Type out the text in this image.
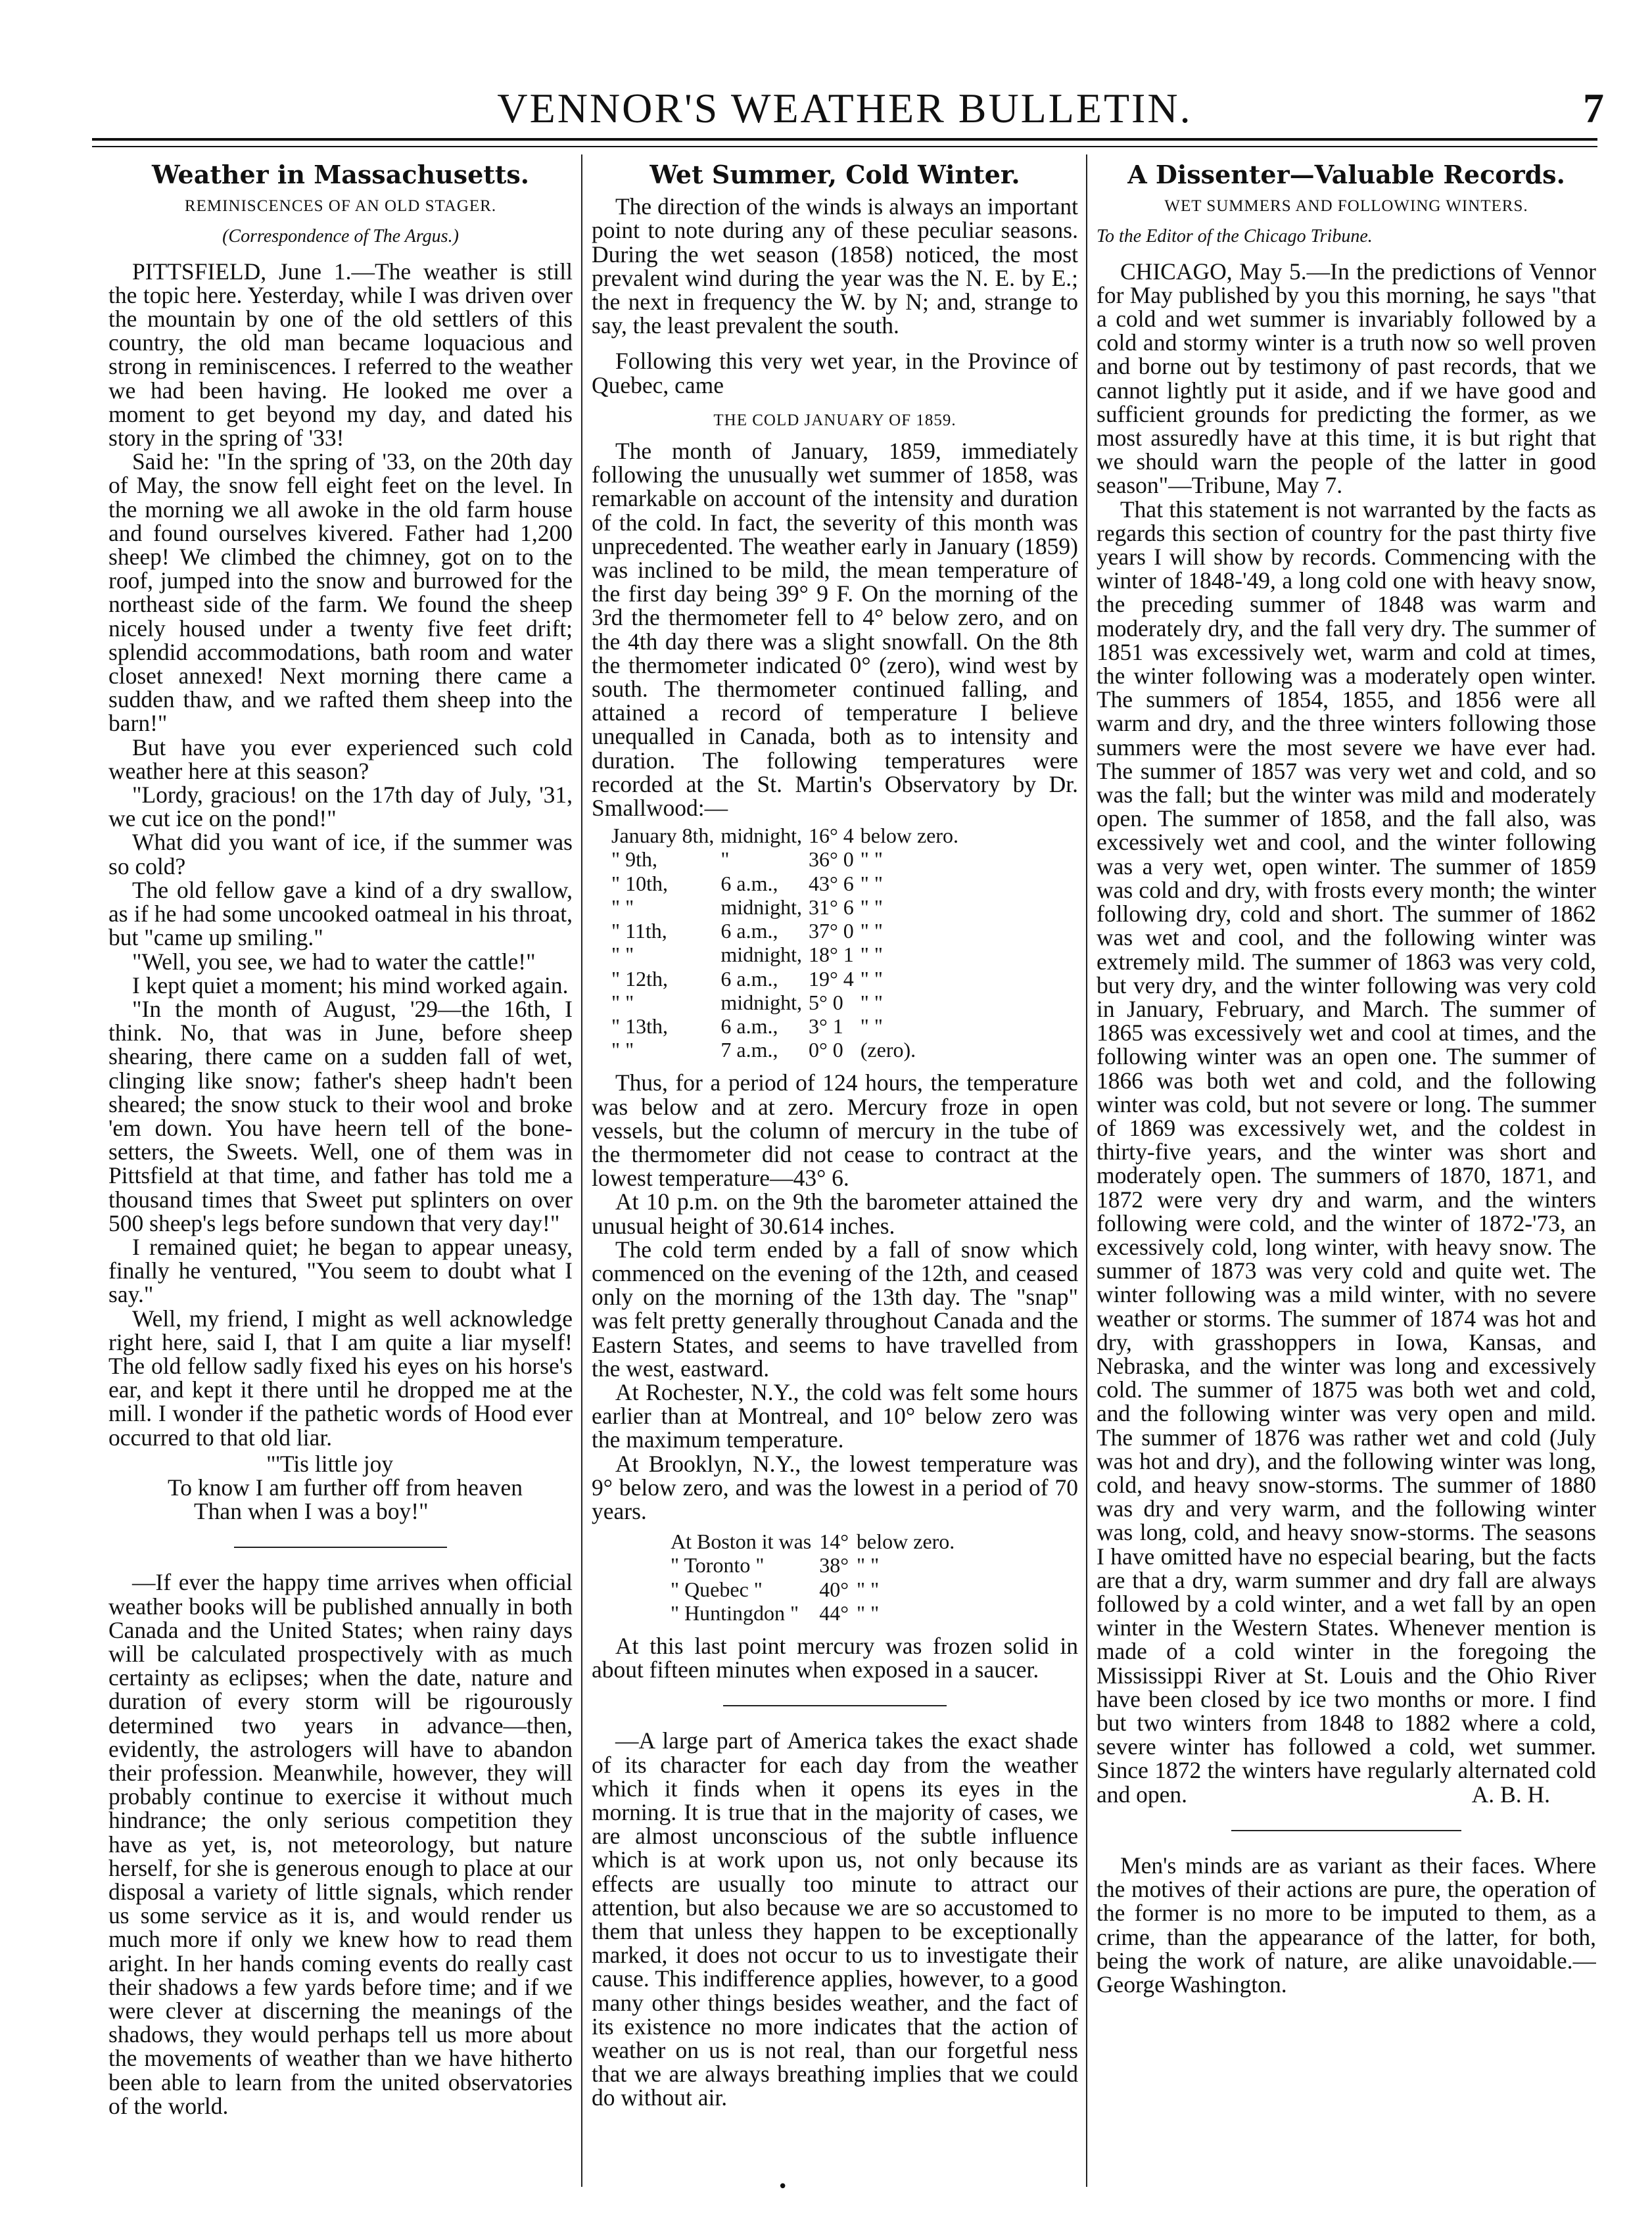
VENNOR'S WEATHER BULLETIN.	7
Weather in Massachusetts.
REMINISCENCES OF AN OLD STAGER.
(Correspondence of The Argus.)

PITTSFIELD, June 1.—The weather is still the topic here. Yesterday, while I was driven over the mountain by one of the old settlers of this country, the old man became loquacious and strong in reminiscences. I referred to the weather we had been having. He looked me over a moment to get beyond my day, and dated his story in the spring of '33!

Said he: "In the spring of '33, on the 20th day of May, the snow fell eight feet on the level. In the morning we all awoke in the old farm house and found ourselves kivered. Father had 1,200 sheep! We climbed the chimney, got on to the roof, jumped into the snow and burrowed for the northeast side of the farm. We found the sheep nicely housed under a twenty five feet drift; splendid accommodations, bath room and water closet annexed! Next morning there came a sudden thaw, and we rafted them sheep into the barn!"

But have you ever experienced such cold weather here at this season?

"Lordy, gracious! on the 17th day of July, '31, we cut ice on the pond!"

What did you want of ice, if the summer was so cold?

The old fellow gave a kind of a dry swallow, as if he had some uncooked oatmeal in his throat, but "came up smiling."

"Well, you see, we had to water the cattle!"

I kept quiet a moment; his mind worked again.

"In the month of August, '29—the 16th, I think. No, that was in June, before sheep shearing, there came on a sudden fall of wet, clinging like snow; father's sheep hadn't been sheared; the snow stuck to their wool and broke 'em down. You have heern tell of the bone-setters, the Sweets. Well, one of them was in Pittsfield at that time, and father has told me a thousand times that Sweet put splinters on over 500 sheep's legs before sundown that very day!"

I remained quiet; he began to appear uneasy, finally he ventured, "You seem to doubt what I say."

Well, my friend, I might as well acknowledge right here, said I, that I am quite a liar myself! The old fellow sadly fixed his eyes on his horse's ear, and kept it there until he dropped me at the mill. I wonder if the pathetic words of Hood ever occurred to that old liar.

"'Tis little joy
To know I am further off from heaven
Than when I was a boy!"

—If ever the happy time arrives when official weather books will be published annually in both Canada and the United States; when rainy days will be calculated prospectively with as much certainty as eclipses; when the date, nature and duration of every storm will be rigourously determined two years in advance—then, evidently, the astrologers will have to abandon their profession. Meanwhile, however, they will probably continue to exercise it without much hindrance; the only serious competition they have as yet, is, not meteorology, but nature herself, for she is generous enough to place at our disposal a variety of little signals, which render us some service as it is, and would render us much more if only we knew how to read them aright. In her hands coming events do really cast their shadows a few yards before time; and if we were clever at discerning the meanings of the shadows, they would perhaps tell us more about the movements of weather than we have hitherto been able to learn from the united observatories of the world.

Wet Summer, Cold Winter.

The direction of the winds is always an important point to note during any of these peculiar seasons. During the wet season (1858) noticed, the most prevalent wind during the year was the N. E. by E.; the next in frequency the W. by N; and, strange to say, the least prevalent the south.

Following this very wet year, in the Province of Quebec, came

THE COLD JANUARY OF 1859.

The month of January, 1859, immediately following the unusually wet summer of 1858, was remarkable on account of the intensity and duration of the cold. In fact, the severity of this month was unprecedented. The weather early in January (1859) was inclined to be mild, the mean temperature of the first day being 39° 9 F. On the morning of the 3rd the thermometer fell to 4° below zero, and on the 4th day there was a slight snowfall. On the 8th the thermometer indicated 0° (zero), wind west by south. The thermometer continued falling, and attained a record of temperature I believe unequalled in Canada, both as to intensity and duration. The following temperatures were recorded at the St. Martin's Observatory by Dr. Smallwood:—

January 8th,	midnight,	16° 4	below zero.
" 9th,	"	36° 0	" "
" 10th,	6 a.m.,	43° 6	" "
" "	midnight,	31° 6	" "
" 11th,	6 a.m.,	37° 0	" "
" "	midnight,	18° 1	" "
" 12th,	6 a.m.,	19° 4	" "
" "	midnight,	5° 0	" "
" 13th,	6 a.m.,	3° 1	" "
" "	7 a.m.,	0° 0	(zero).

Thus, for a period of 124 hours, the temperature was below and at zero. Mercury froze in open vessels, but the column of mercury in the tube of the thermometer did not cease to contract at the lowest temperature—43° 6.

At 10 p.m. on the 9th the barometer attained the unusual height of 30.614 inches.

The cold term ended by a fall of snow which commenced on the evening of the 12th, and ceased only on the morning of the 13th day. The "snap" was felt pretty generally throughout Canada and the Eastern States, and seems to have travelled from the west, eastward.

At Rochester, N.Y., the cold was felt some hours earlier than at Montreal, and 10° below zero was the maximum temperature.

At Brooklyn, N.Y., the lowest temperature was 9° below zero, and was the lowest in a period of 70 years.

At Boston it was	14°	below zero.
" Toronto "	38°	" "
" Quebec "	40°	" "
" Huntingdon "	44°	" "

At this last point mercury was frozen solid in about fifteen minutes when exposed in a saucer.

—A large part of America takes the exact shade of its character for each day from the weather which it finds when it opens its eyes in the morning. It is true that in the majority of cases, we are almost unconscious of the subtle influence which is at work upon us, not only because its effects are usually too minute to attract our attention, but also because we are so accustomed to them that unless they happen to be exceptionally marked, it does not occur to us to investigate their cause. This indifference applies, however, to a good many other things besides weather, and the fact of its existence no more indicates that the action of weather on us is not real, than our forgetful ness that we are always breathing implies that we could do without air.

A Dissenter—Valuable Records.
WET SUMMERS AND FOLLOWING WINTERS.
To the Editor of the Chicago Tribune.

CHICAGO, May 5.—In the predictions of Vennor for May published by you this morning, he says "that a cold and wet summer is invariably followed by a cold and stormy winter is a truth now so well proven and borne out by testimony of past records, that we cannot lightly put it aside, and if we have good and sufficient grounds for predicting the former, as we most assuredly have at this time, it is but right that we should warn the people of the latter in good season"—Tribune, May 7.

That this statement is not warranted by the facts as regards this section of country for the past thirty five years I will show by records. Commencing with the winter of 1848-'49, a long cold one with heavy snow, the preceding summer of 1848 was warm and moderately dry, and the fall very dry. The summer of 1851 was excessively wet, warm and cold at times, the winter following was a moderately open winter. The summers of 1854, 1855, and 1856 were all warm and dry, and the three winters following those summers were the most severe we have ever had. The summer of 1857 was very wet and cold, and so was the fall; but the winter was mild and moderately open. The summer of 1858, and the fall also, was excessively wet and cool, and the winter following was a very wet, open winter. The summer of 1859 was cold and dry, with frosts every month; the winter following dry, cold and short. The summer of 1862 was wet and cool, and the following winter was extremely mild. The summer of 1863 was very cold, but very dry, and the winter following was very cold in January, February, and March. The summer of 1865 was excessively wet and cool at times, and the following winter was an open one. The summer of 1866 was both wet and cold, and the following winter was cold, but not severe or long. The summer of 1869 was excessively wet, and the coldest in thirty-five years, and the winter was short and moderately open. The summers of 1870, 1871, and 1872 were very dry and warm, and the winters following were cold, and the winter of 1872-'73, an excessively cold, long winter, with heavy snow. The summer of 1873 was very cold and quite wet. The winter following was a mild winter, with no severe weather or storms. The summer of 1874 was hot and dry, with grasshoppers in Iowa, Kansas, and Nebraska, and the winter was long and excessively cold. The summer of 1875 was both wet and cold, and the following winter was very open and mild. The summer of 1876 was rather wet and cold (July was hot and dry), and the following winter was long, cold, and heavy snow-storms. The summer of 1880 was dry and very warm, and the following winter was long, cold, and heavy snow-storms. The seasons I have omitted have no especial bearing, but the facts are that a dry, warm summer and dry fall are always followed by a cold winter, and a wet fall by an open winter in the Western States. Whenever mention is made of a cold winter in the foregoing the Mississippi River at St. Louis and the Ohio River have been closed by ice two months or more. I find but two winters from 1848 to 1882 where a cold, severe winter has followed a cold, wet summer. Since 1872 the winters have regularly alternated cold and open.	A. B. H.

Men's minds are as variant as their faces. Where the motives of their actions are pure, the operation of the former is no more to be imputed to them, as a crime, than the appearance of the latter, for both, being the work of nature, are alike unavoidable.—George Washington.

•
